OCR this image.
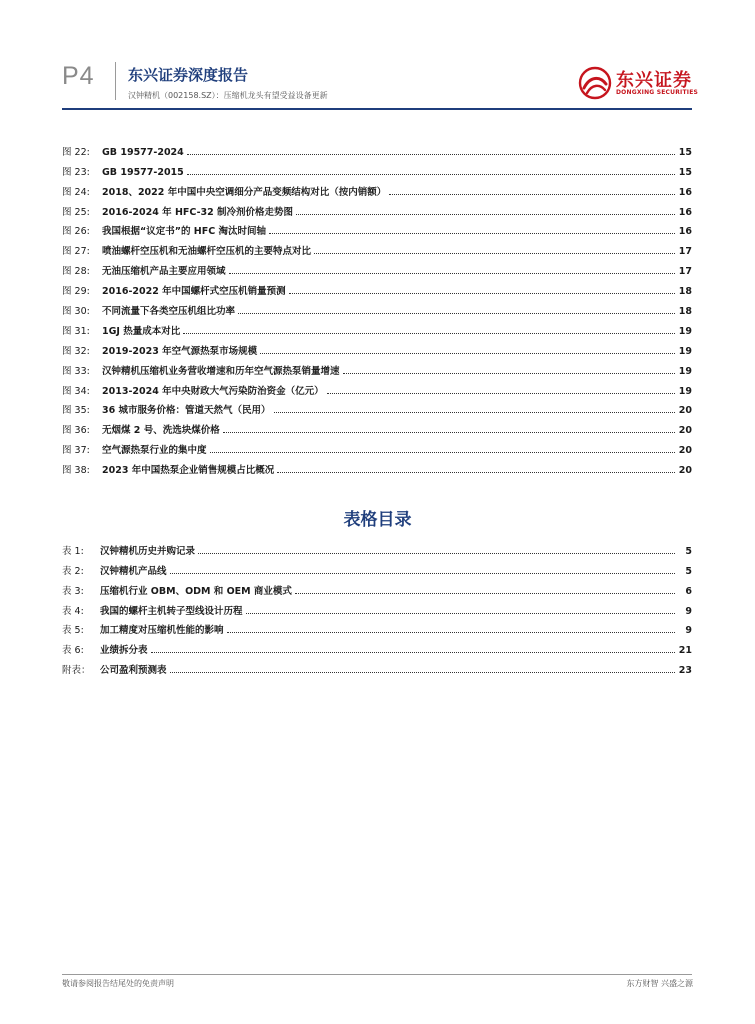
P4 东兴证券深度报告
汉钟精机（002158.SZ）：压缩机龙头有望受益设备更新
东兴证券
DONGXING SECURITIES
图 22:	GB 19577-2024	15
图 23:	GB 19577-2015	15
图 24:	2018、2022 年中国中央空调细分产品变频结构对比（按内销额）	16
图 25:	2016-2024 年 HFC-32 制冷剂价格走势图	16
图 26:	我国根据“议定书”的 HFC 淘汰时间轴	16
图 27:	喷油螺杆空压机和无油螺杆空压机的主要特点对比	17
图 28:	无油压缩机产品主要应用领域	17
图 29:	2016-2022 年中国螺杆式空压机销量预测	18
图 30:	不同流量下各类空压机组比功率	18
图 31:	1GJ 热量成本对比	19
图 32:	2019-2023 年空气源热泵市场规模	19
图 33:	汉钟精机压缩机业务营收增速和历年空气源热泵销量增速	19
图 34:	2013-2024 年中央财政大气污染防治资金（亿元）	19
图 35:	36 城市服务价格：管道天然气（民用）	20
图 36:	无烟煤 2 号、洗选块煤价格	20
图 37:	空气源热泵行业的集中度	20
图 38:	2023 年中国热泵企业销售规模占比概况	20
表格目录
表 1:	汉钟精机历史并购记录	5
表 2:	汉钟精机产品线	5
表 3:	压缩机行业 OBM、ODM 和 OEM 商业模式	6
表 4:	我国的螺杆主机转子型线设计历程	9
表 5:	加工精度对压缩机性能的影响	9
表 6:	业绩拆分表	21
附表： 公司盈利预测表	23
敬请参阅报告结尾处的免责声明	东方财智 兴盛之源
